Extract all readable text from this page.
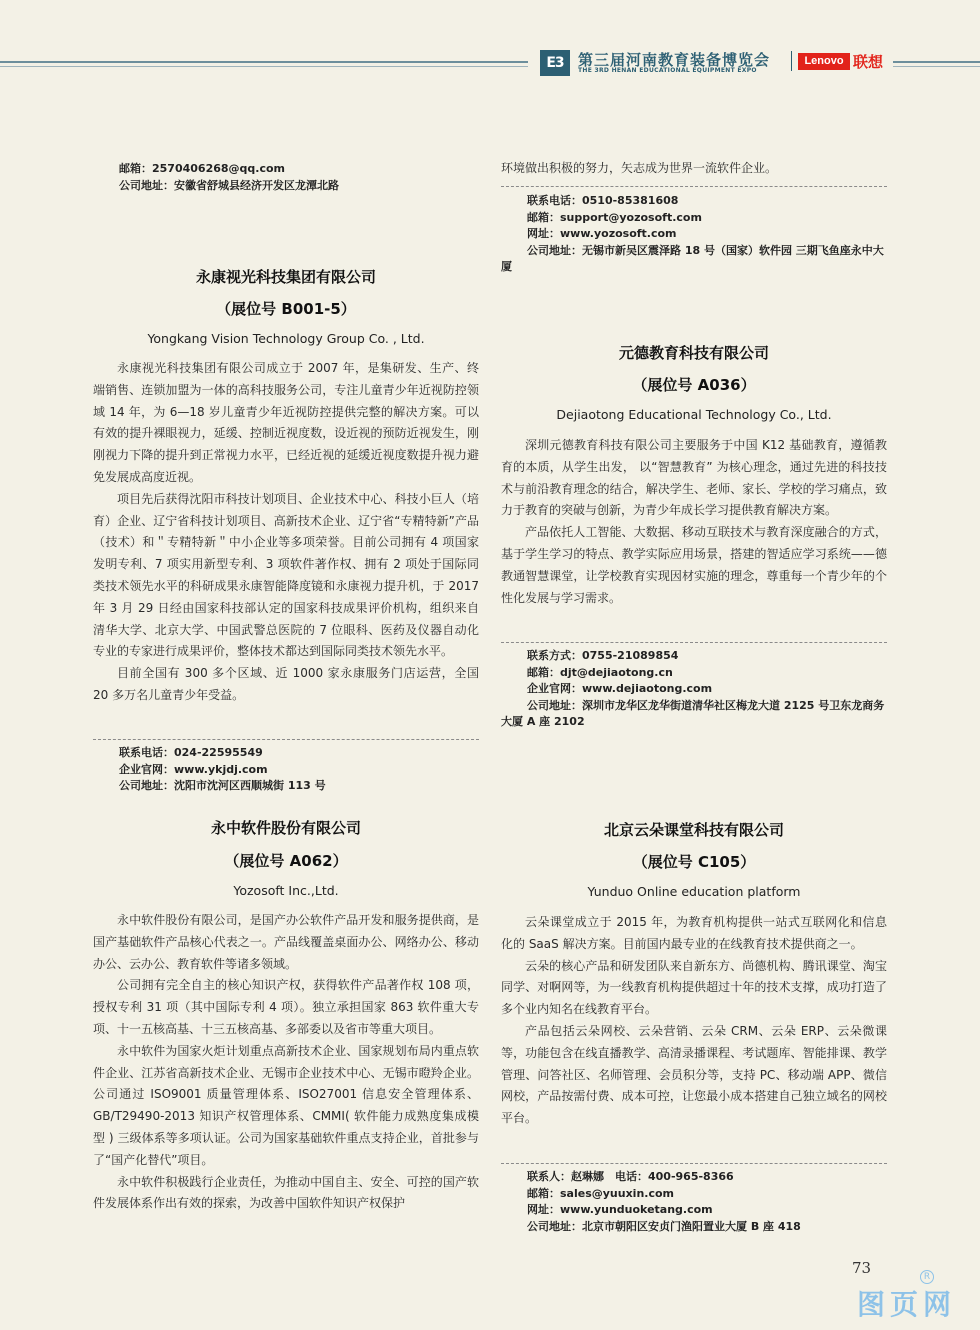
E3 第三届河南教育装备博览会
THE 3RD HENAN EDUCATIONAL EQUIPMENT EXPO
Lenovo 联想
邮箱：2570406268@qq.com
公司地址：安徽省舒城县经济开发区龙潭北路
永康视光科技集团有限公司
（展位号 B001-5）
Yongkang Vision Technology Group Co. , Ltd.

永康视光科技集团有限公司成立于 2007 年，是集研发、生产、终端销售、连锁加盟为一体的高科技服务公司，专注儿童青少年近视防控领域 14 年，为 6—18 岁儿童青少年近视防控提供完整的解决方案。可以有效的提升裸眼视力，延缓、控制近视度数，设近视的预防近视发生，刚刚视力下降的提升到正常视力水平，已经近视的延缓近视度数提升视力避免发展成高度近视。

项目先后获得沈阳市科技计划项目、企业技术中心、科技小巨人（培育）企业、辽宁省科技计划项目、高新技术企业、辽宁省“专精特新”产品（技术）和＂专精特新＂中小企业等多项荣誉。目前公司拥有 4 项国家发明专利、7 项实用新型专利、3 项软件著作权、拥有 2 项处于国际同类技术领先水平的科研成果永康智能降度镜和永康视力提升机，于 2017 年 3 月 29 日经由国家科技部认定的国家科技成果评价机构，组织来自清华大学、北京大学、中国武警总医院的 7 位眼科、医药及仪器自动化专业的专家进行成果评价，整体技术都达到国际同类技术领先水平。

目前全国有 300 多个区域、近 1000 家永康服务门店运营，全国 20 多万名儿童青少年受益。

联系电话：024-22595549
企业官网：www.ykjdj.com
公司地址：沈阳市沈河区西顺城街 113 号
永中软件股份有限公司
（展位号 A062）
Yozosoft Inc.,Ltd.

永中软件股份有限公司，是国产办公软件产品开发和服务提供商，是国产基础软件产品核心代表之一。产品线覆盖桌面办公、网络办公、移动办公、云办公、教育软件等诸多领域。

公司拥有完全自主的核心知识产权，获得软件产品著作权 108 项，授权专利 31 项（其中国际专利 4 项）。独立承担国家 863 软件重大专项、十一五核高基、十三五核高基、多部委以及省市等重大项目。

永中软件为国家火炬计划重点高新技术企业、国家规划布局内重点软件企业、江苏省高新技术企业、无锡市企业技术中心、无锡市瞪羚企业。公司通过 ISO9001 质量管理体系、ISO27001 信息安全管理体系、GB/T29490-2013 知识产权管理体系、CMMI( 软件能力成熟度集成模型 ) 三级体系等多项认证。公司为国家基础软件重点支持企业，首批参与了“国产化替代”项目。

永中软件积极践行企业责任，为推动中国自主、安全、可控的国产软件发展体系作出有效的探索，为改善中国软件知识产权保护

环境做出积极的努力，矢志成为世界一流软件企业。

联系电话：0510-85381608
邮箱：support@yozosoft.com
网址：www.yozosoft.com
公司地址：无锡市新吴区震泽路 18 号（国家）软件园 三期飞鱼座永中大厦
元德教育科技有限公司
（展位号 A036）
Dejiaotong Educational Technology Co., Ltd.

深圳元德教育科技有限公司主要服务于中国 K12 基础教育，遵循教育的本质，从学生出发， 以“智慧教育” 为核心理念，通过先进的科技技术与前沿教育理念的结合，解决学生、老师、家长、学校的学习痛点，致力于教育的突破与创新，为青少年成长学习提供教育解决方案。

产品依托人工智能、大数据、移动互联技术与教育深度融合的方式，基于学生学习的特点、教学实际应用场景，搭建的智适应学习系统——德教通智慧课堂，让学校教育实现因材实施的理念，尊重每一个青少年的个性化发展与学习需求。

联系方式：0755-21089854
邮箱：djt@dejiaotong.cn
企业官网：www.dejiaotong.com
公司地址：深圳市龙华区龙华街道清华社区梅龙大道 2125 号卫东龙商务大厦 A 座 2102
北京云朵课堂科技有限公司
（展位号 C105）
Yunduo Online education platform

云朵课堂成立于 2015 年，为教育机构提供一站式互联网化和信息化的 SaaS 解决方案。目前国内最专业的在线教育技术提供商之一。

云朵的核心产品和研发团队来自新东方、尚德机构、腾讯课堂、淘宝同学、对啊网等，为一线教育机构提供超过十年的技术支撑，成功打造了多个业内知名在线教育平台。

产品包括云朵网校、云朵营销、云朵 CRM、云朵 ERP、云朵微课等，功能包含在线直播教学、高清录播课程、考试题库、智能排课、教学管理、问答社区、名师管理、会员积分等，支持 PC、移动端 APP、微信网校，产品按需付费、成本可控，让您最小成本搭建自己独立域名的网校平台。

联系人：赵琳娜　电话：400-965-8366
邮箱：sales@yuuxin.com
网址：www.yunduoketang.com
公司地址：北京市朝阳区安贞门渔阳置业大厦 B 座 418
73	R
图页网
